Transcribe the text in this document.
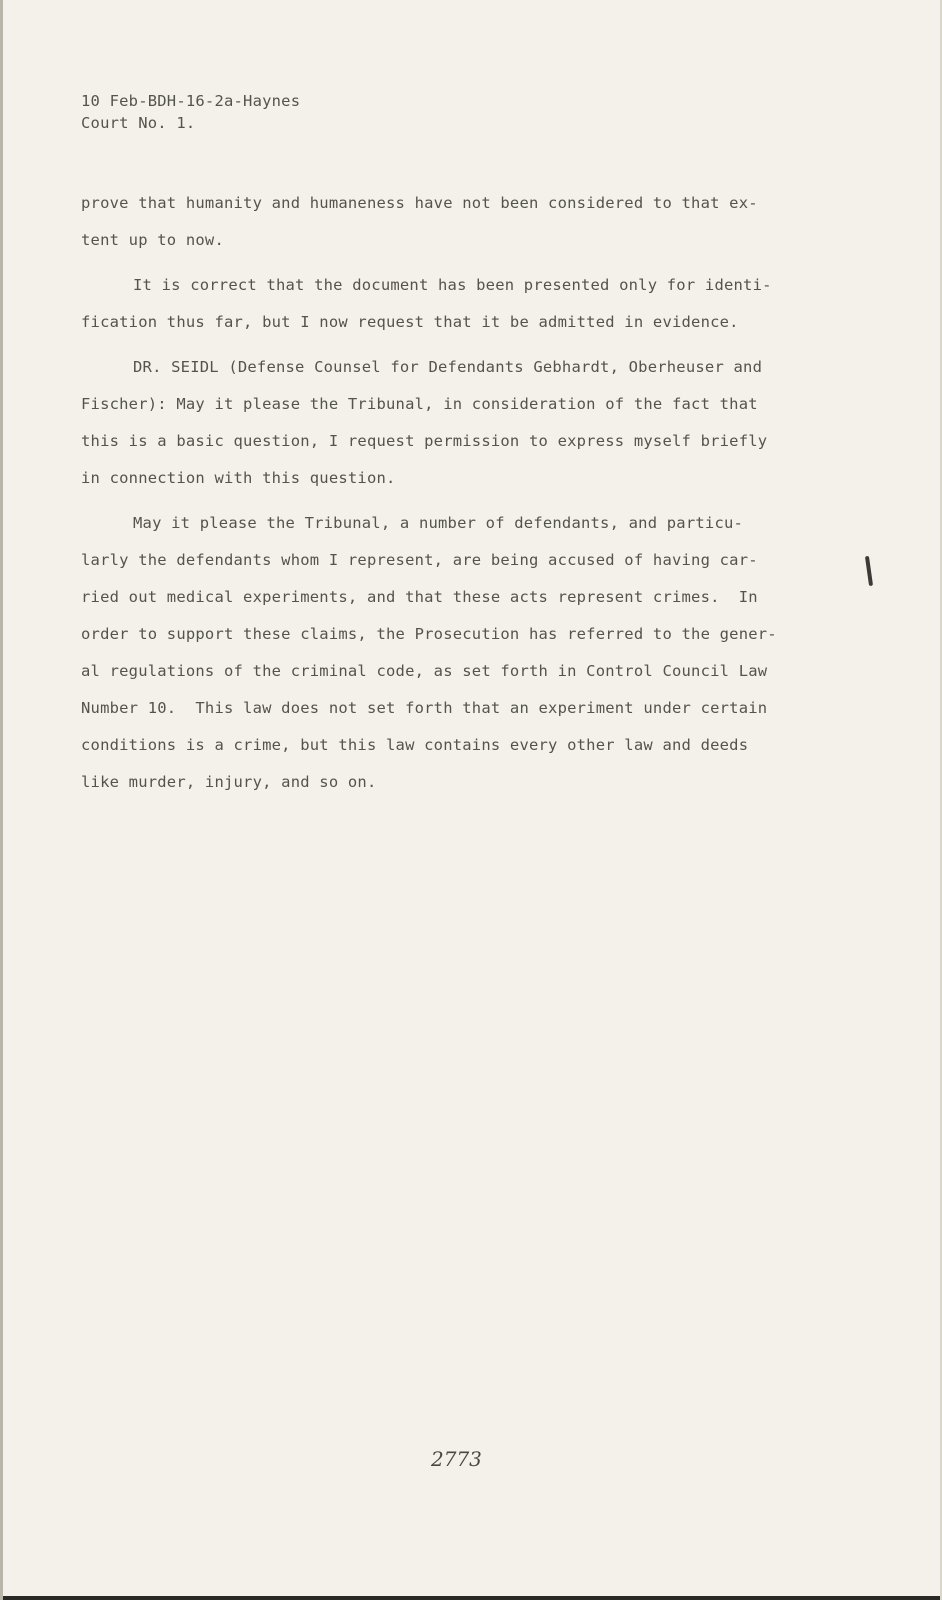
10 Feb-BDH-16-2a-Haynes
Court No. 1.
prove that humanity and humaneness have not been considered to that ex-
tent up to now.
It is correct that the document has been presented only for identi-
fication thus far, but I now request that it be admitted in evidence.
DR. SEIDL (Defense Counsel for Defendants Gebhardt, Oberheuser and
Fischer): May it please the Tribunal, in consideration of the fact that
this is a basic question, I request permission to express myself briefly
in connection with this question.
May it please the Tribunal, a number of defendants, and particu-
larly the defendants whom I represent, are being accused of having car-
ried out medical experiments, and that these acts represent crimes.  In
order to support these claims, the Prosecution has referred to the gener-
al regulations of the criminal code, as set forth in Control Council Law
Number 10.  This law does not set forth that an experiment under certain
conditions is a crime, but this law contains every other law and deeds
like murder, injury, and so on.
2773
